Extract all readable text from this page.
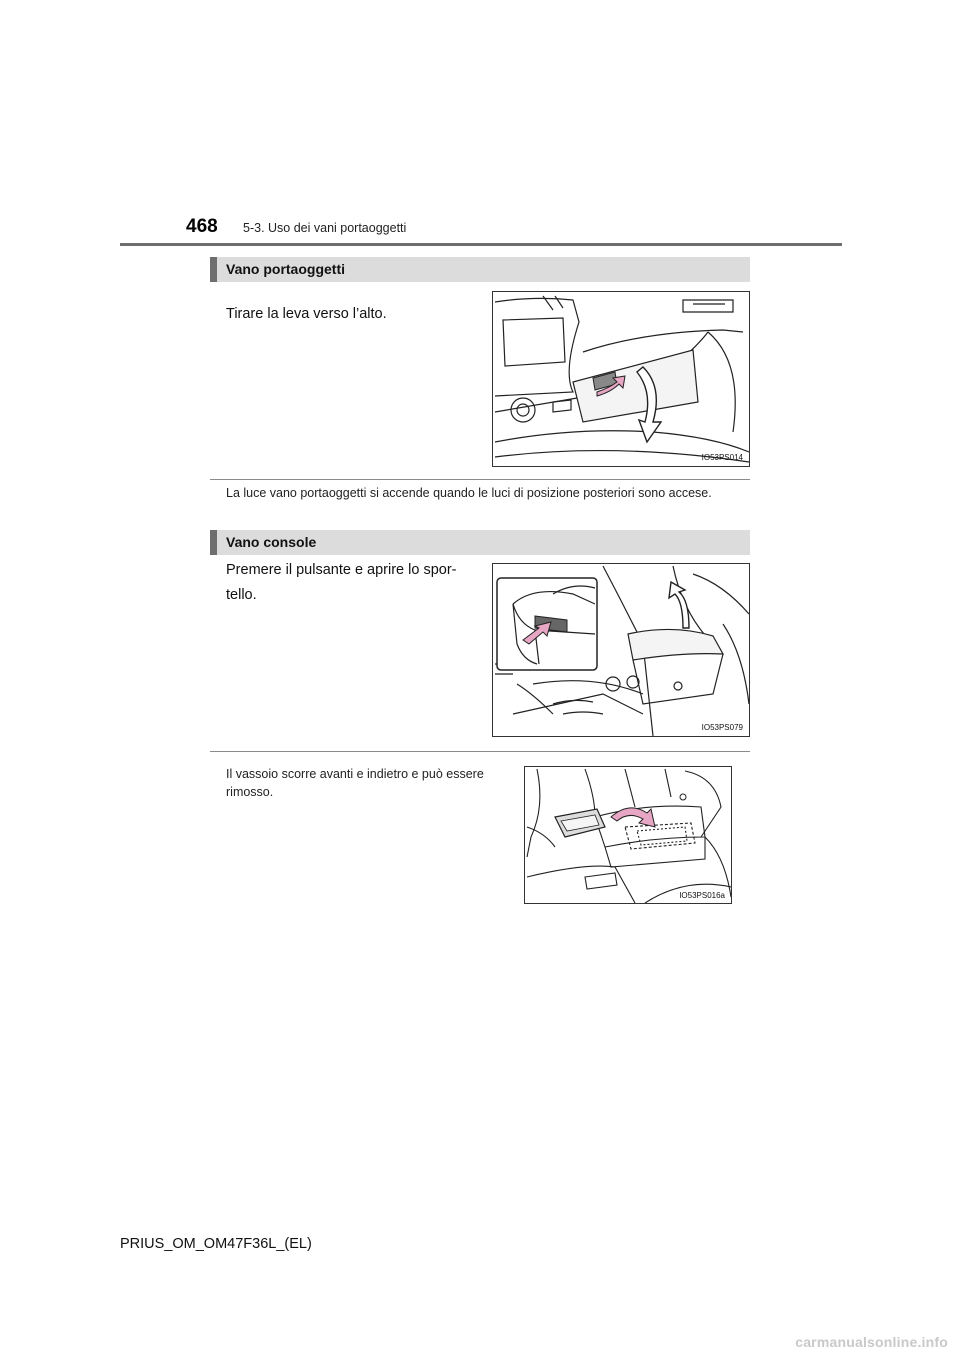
468 5-3. Uso dei vani portaoggetti
Vano portaoggetti
Tirare la leva verso l’alto.
IO53PS014
La luce vano portaoggetti si accende quando le luci di posizione posteriori sono accese.
Vano console
Premere il pulsante e aprire lo spor-tello.
IO53PS079
Il vassoio scorre avanti e indietro e può essere rimosso.
IO53PS016a
PRIUS_OM_OM47F36L_(EL)
carmanualsonline.info
